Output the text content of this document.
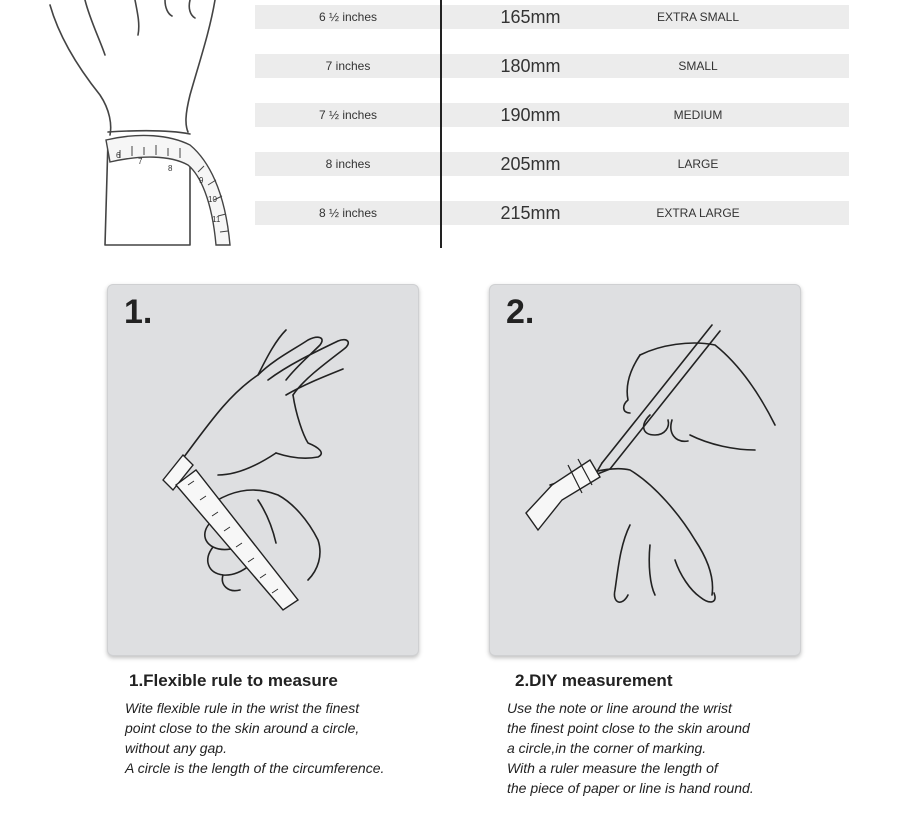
6
7
8
9
10
11
6 ½ inches	165mm	EXTRA SMALL
7 inches	180mm	SMALL
7 ½ inches	190mm	MEDIUM
8 inches	205mm	LARGE
8 ½ inches	215mm	EXTRA LARGE
1.	2.
1.Flexible rule to measure	2.DIY measurement
Wite flexible rule in the wrist the finest
point close to the skin around a circle,
without any gap.
A circle is the length of the circumference.
Use the note or line around the wrist
the finest point close to the skin around
a circle,in the corner of marking.
With a ruler measure the length of
the piece of paper or line is hand round.
